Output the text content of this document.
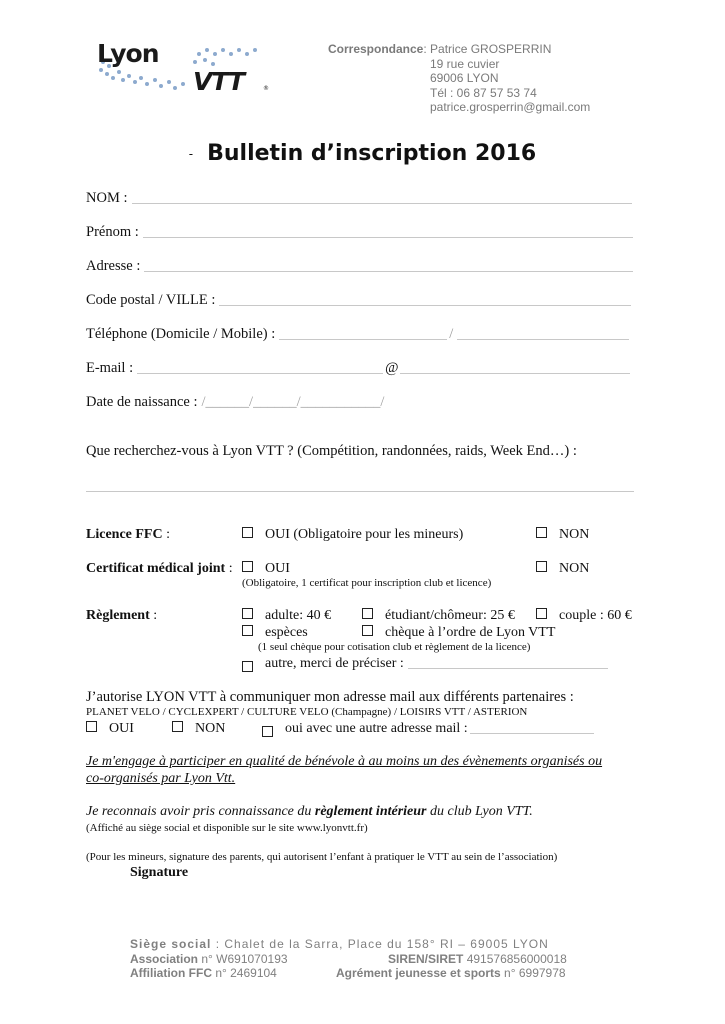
Lyon
VTT	®
Correspondance: Patrice GROSPERRIN
19 rue cuvier
69006 LYON
Tél : 06 87 57 53 74
patrice.grosperrin@gmail.com
- Bulletin d’inscription 2016
NOM :
Prénom :
Adresse :
Code postal / VILLE :
Téléphone (Domicile / Mobile) :	/
E-mail :	@
Date de naissance : /______/______/___________/
Que recherchez-vous à Lyon VTT ? (Compétition, randonnées, raids, Week End…) :
Licence FFC :	OUI (Obligatoire pour les mineurs)	NON
Certificat médical joint :	OUI	NON
(Obligatoire, 1 certificat pour inscription club et licence)
Règlement :	adulte: 40 €	étudiant/chômeur: 25 €	couple : 60 €
espèces	chèque à l’ordre de Lyon VTT
(1 seul chèque pour cotisation club et règlement de la licence)
autre, merci de préciser :
J’autorise LYON VTT à communiquer mon adresse mail aux différents partenaires :
PLANET VELO / CYCLEXPERT / CULTURE VELO (Champagne) / LOISIRS VTT / ASTERION
OUI	NON	oui avec une autre adresse mail :
Je m'engage à participer en qualité de bénévole à au moins un des évènements organisés ou
co-organisés par Lyon Vtt.
Je reconnais avoir pris connaissance du règlement intérieur du club Lyon VTT.
(Affiché au siège social et disponible sur le site www.lyonvtt.fr)
(Pour les mineurs, signature des parents, qui autorisent l’enfant à pratiquer le VTT au sein de l’association)
Signature
Siège social : Chalet de la Sarra, Place du 158° RI – 69005 LYON
Association n° W691070193	SIREN/SIRET 491576856000018
Affiliation FFC n° 2469104	Agrément jeunesse et sports n° 6997978
